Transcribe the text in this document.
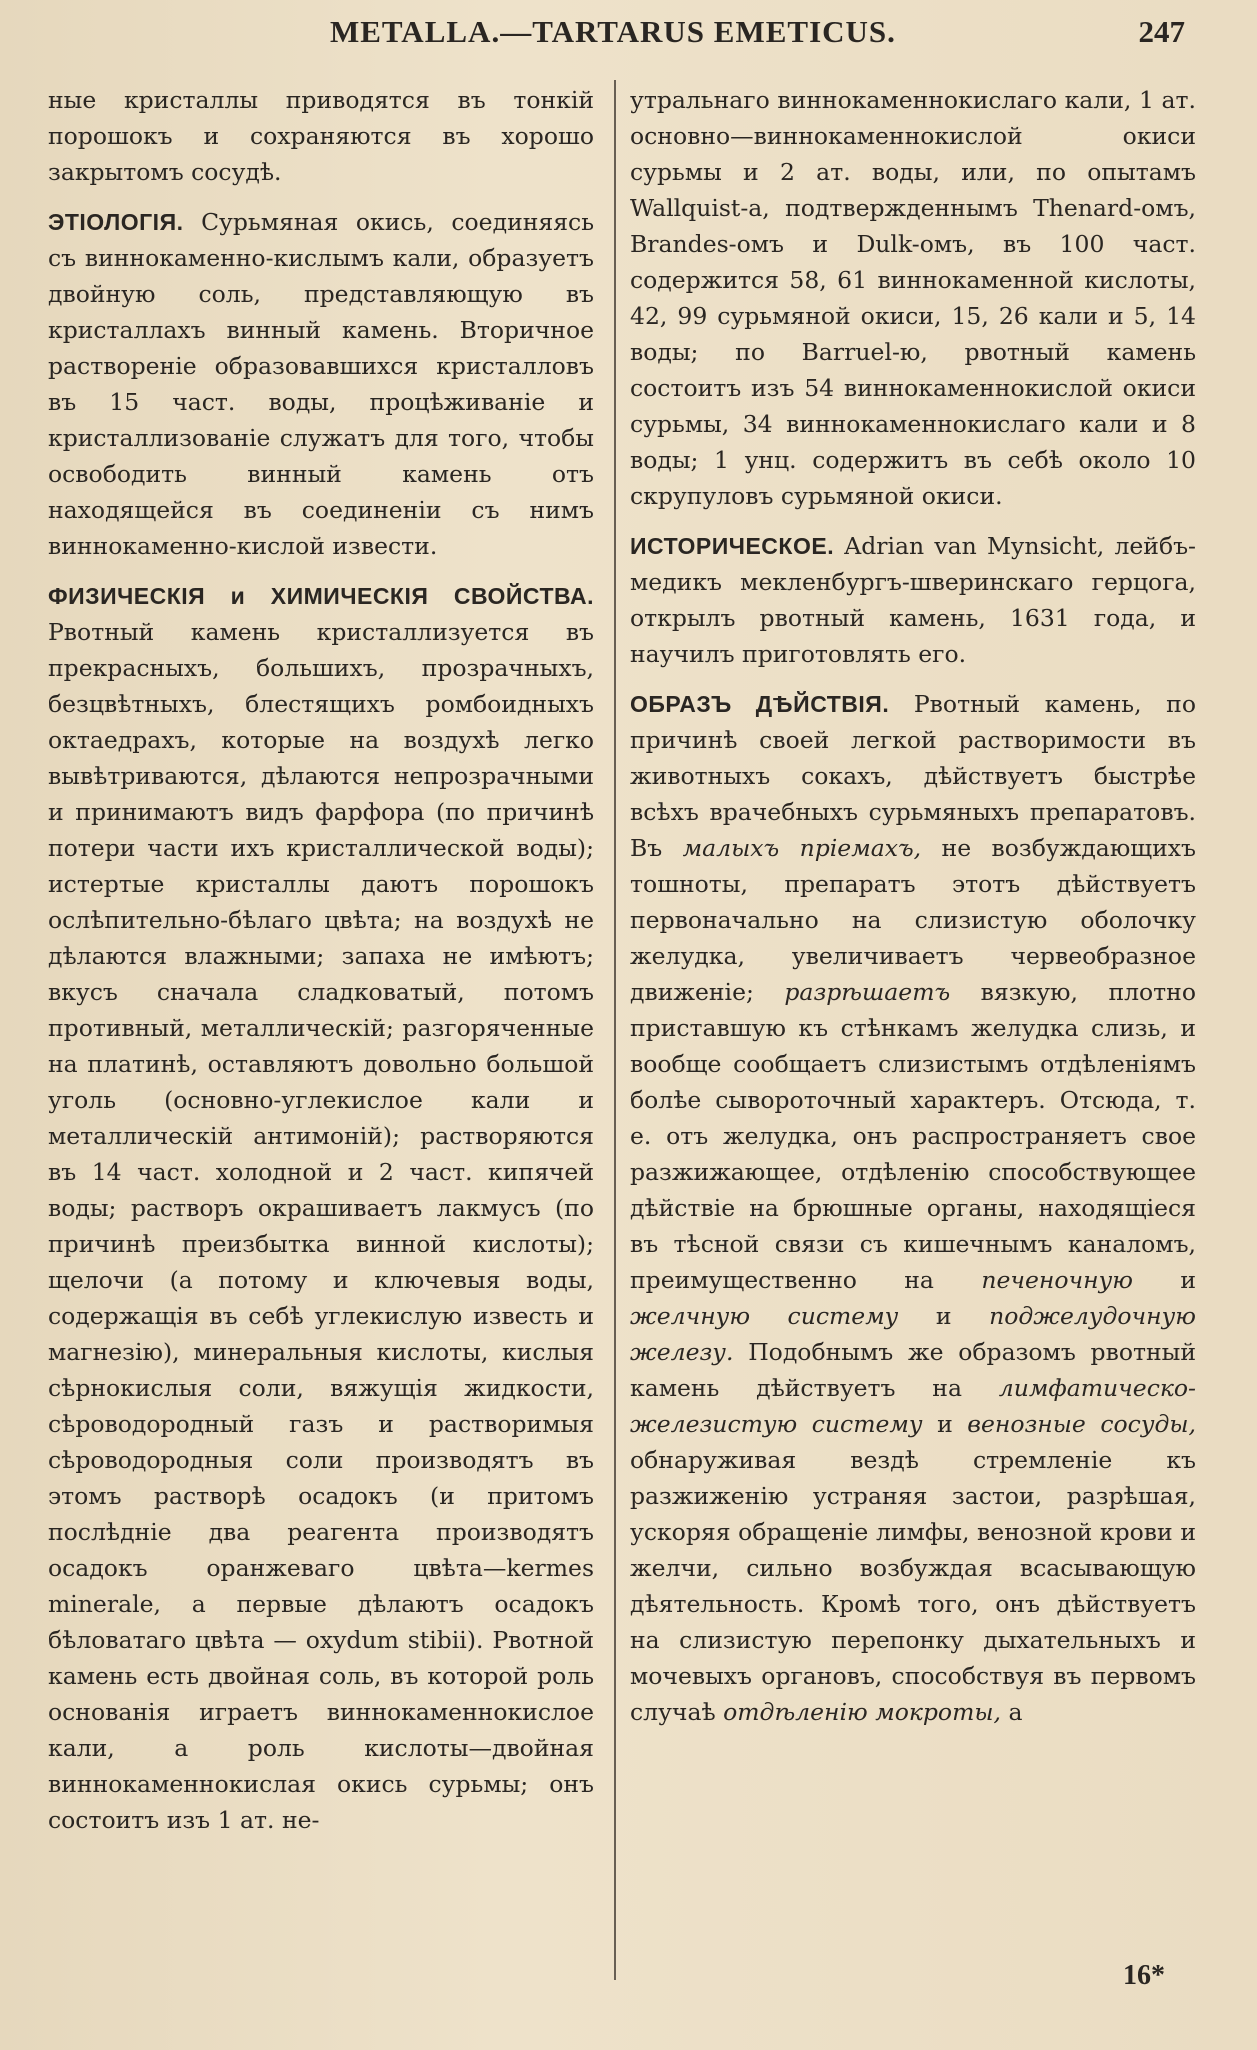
METALLA.—TARTARUS EMETICUS.	247

ные кристаллы приводятся въ тонкій порошокъ и сохраняются въ хорошо закрытомъ сосудѣ.

ЭТІОЛОГІЯ. Сурьмяная окись, соединяясь съ виннокаменно-кислымъ кали, образуетъ двойную соль, представляющую въ кристаллахъ винный камень. Вторичное раствореніе образовавшихся кристалловъ въ 15 част. воды, процѣживаніе и кристаллизованіе служатъ для того, чтобы освободить винный камень отъ находящейся въ соединеніи съ нимъ виннокаменно-кислой извести.

ФИЗИЧЕСКІЯ и ХИМИЧЕСКІЯ СВОЙСТВА. Рвотный камень кристаллизуется въ прекрасныхъ, большихъ, прозрачныхъ, безцвѣтныхъ, блестящихъ ромбоидныхъ октаедрахъ, которые на воздухѣ легко вывѣтриваются, дѣлаются непрозрачными и принимаютъ видъ фарфора (по причинѣ потери части ихъ кристаллической воды); истертые кристаллы даютъ порошокъ ослѣпительно-бѣлаго цвѣта; на воздухѣ не дѣлаются влажными; запаха не имѣютъ; вкусъ сначала сладковатый, потомъ противный, металлическій; разгоряченные на платинѣ, оставляютъ довольно большой уголь (основно-углекислое кали и металлическій антимоній); растворяются въ 14 част. холодной и 2 част. кипячей воды; растворъ окрашиваетъ лакмусъ (по причинѣ преизбытка винной кислоты); щелочи (а потому и ключевыя воды, содержащія въ себѣ углекислую известь и магнезію), минеральныя кислоты, кислыя сѣрнокислыя соли, вяжущія жидкости, сѣроводородный газъ и растворимыя сѣроводородныя соли производятъ въ этомъ растворѣ осадокъ (и притомъ послѣдніе два реагента производятъ осадокъ оранжеваго цвѣта—kermes minerale, а первые дѣлаютъ осадокъ бѣловатаго цвѣта — oxydum stibii). Рвотной камень есть двойная соль, въ которой роль основанія играетъ виннокаменнокислое кали, а роль кислоты—двойная виннокаменнокислая окись сурьмы; онъ состоитъ изъ 1 ат. не-

утральнаго виннокаменнокислаго кали, 1 ат. основно—виннокаменнокислой окиси сурьмы и 2 ат. воды, или, по опытамъ Wallquist-а, подтвержденнымъ Thenard-омъ, Brandes-омъ и Dulk-омъ, въ 100 част. содержится 58, 61 виннокаменной кислоты, 42, 99 сурьмяной окиси, 15, 26 кали и 5, 14 воды; по Barruel-ю, рвотный камень состоитъ изъ 54 виннокаменнокислой окиси сурьмы, 34 виннокаменнокислаго кали и 8 воды; 1 унц. содержитъ въ себѣ около 10 скрупуловъ сурьмяной окиси.

ИСТОРИЧЕСКОЕ. Adrian van Mynsicht, лейбъ-медикъ мекленбургъ-шверинскаго герцога, открылъ рвотный камень, 1631 года, и научилъ приготовлять его.

ОБРАЗЪ ДѢЙСТВІЯ. Рвотный камень, по причинѣ своей легкой растворимости въ животныхъ сокахъ, дѣйствуетъ быстрѣе всѣхъ врачебныхъ сурьмяныхъ препаратовъ. Въ малыхъ пріемахъ, не возбуждающихъ тошноты, препаратъ этотъ дѣйствуетъ первоначально на слизистую оболочку желудка, увеличиваетъ червеобразное движеніе; разрѣшаетъ вязкую, плотно приставшую къ стѣнкамъ желудка слизь, и вообще сообщаетъ слизистымъ отдѣленіямъ болѣе сывороточный характеръ. Отсюда, т. е. отъ желудка, онъ распространяетъ свое разжижающее, отдѣленію способствующее дѣйствіе на брюшные органы, находящіеся въ тѣсной связи съ кишечнымъ каналомъ, преимущественно на печеночную и желчную систему и поджелудочную железу. Подобнымъ же образомъ рвотный камень дѣйствуетъ на лимфатическо-железистую систему и венозные сосуды, обнаруживая вездѣ стремленіе къ разжиженію устраняя застои, разрѣшая, ускоряя обращеніе лимфы, венозной крови и желчи, сильно возбуждая всасывающую дѣятельность. Кромѣ того, онъ дѣйствуетъ на слизистую перепонку дыхательныхъ и мочевыхъ органовъ, способствуя въ первомъ случаѣ отдѣленію мокроты, а

16*
